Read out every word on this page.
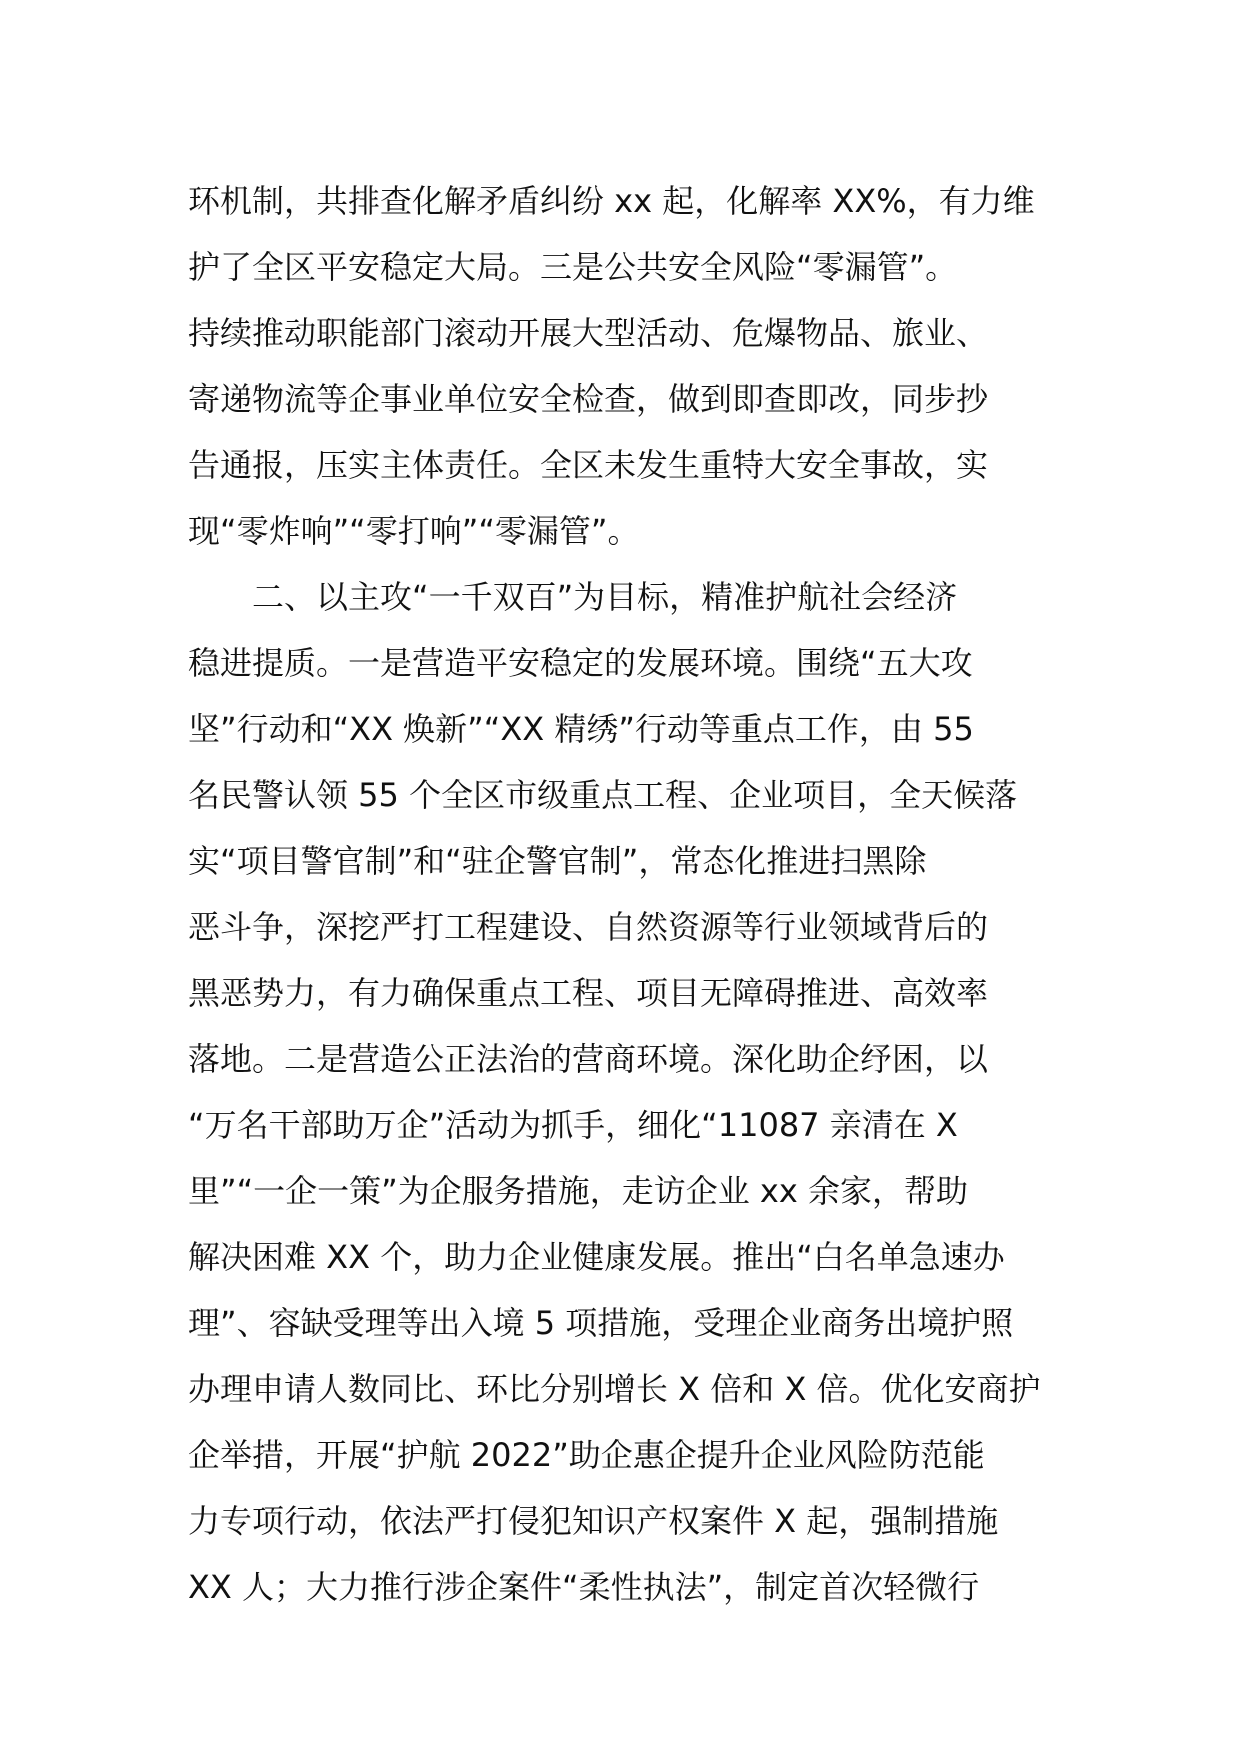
环机制，共排查化解矛盾纠纷 xx 起，化解率 XX%，有力维
护了全区平安稳定大局。三是公共安全风险“零漏管”。
持续推动职能部门滚动开展大型活动、危爆物品、旅业、
寄递物流等企事业单位安全检查，做到即查即改，同步抄
告通报，压实主体责任。全区未发生重特大安全事故，实
现“零炸响”“零打响”“零漏管”。
　　二、以主攻“一千双百”为目标，精准护航社会经济
稳进提质。一是营造平安稳定的发展环境。围绕“五大攻
坚”行动和“XX 焕新”“XX 精绣”行动等重点工作，由 55
名民警认领 55 个全区市级重点工程、企业项目，全天候落
实“项目警官制”和“驻企警官制”，常态化推进扫黑除
恶斗争，深挖严打工程建设、自然资源等行业领域背后的
黑恶势力，有力确保重点工程、项目无障碍推进、高效率
落地。二是营造公正法治的营商环境。深化助企纾困，以
“万名干部助万企”活动为抓手，细化“11087 亲清在 X
里”“一企一策”为企服务措施，走访企业 xx 余家，帮助
解决困难 XX 个，助力企业健康发展。推出“白名单急速办
理”、容缺受理等出入境 5 项措施，受理企业商务出境护照
办理申请人数同比、环比分别增长 X 倍和 X 倍。优化安商护
企举措，开展“护航 2022”助企惠企提升企业风险防范能
力专项行动，依法严打侵犯知识产权案件 X 起，强制措施
XX 人；大力推行涉企案件“柔性执法”，制定首次轻微行
